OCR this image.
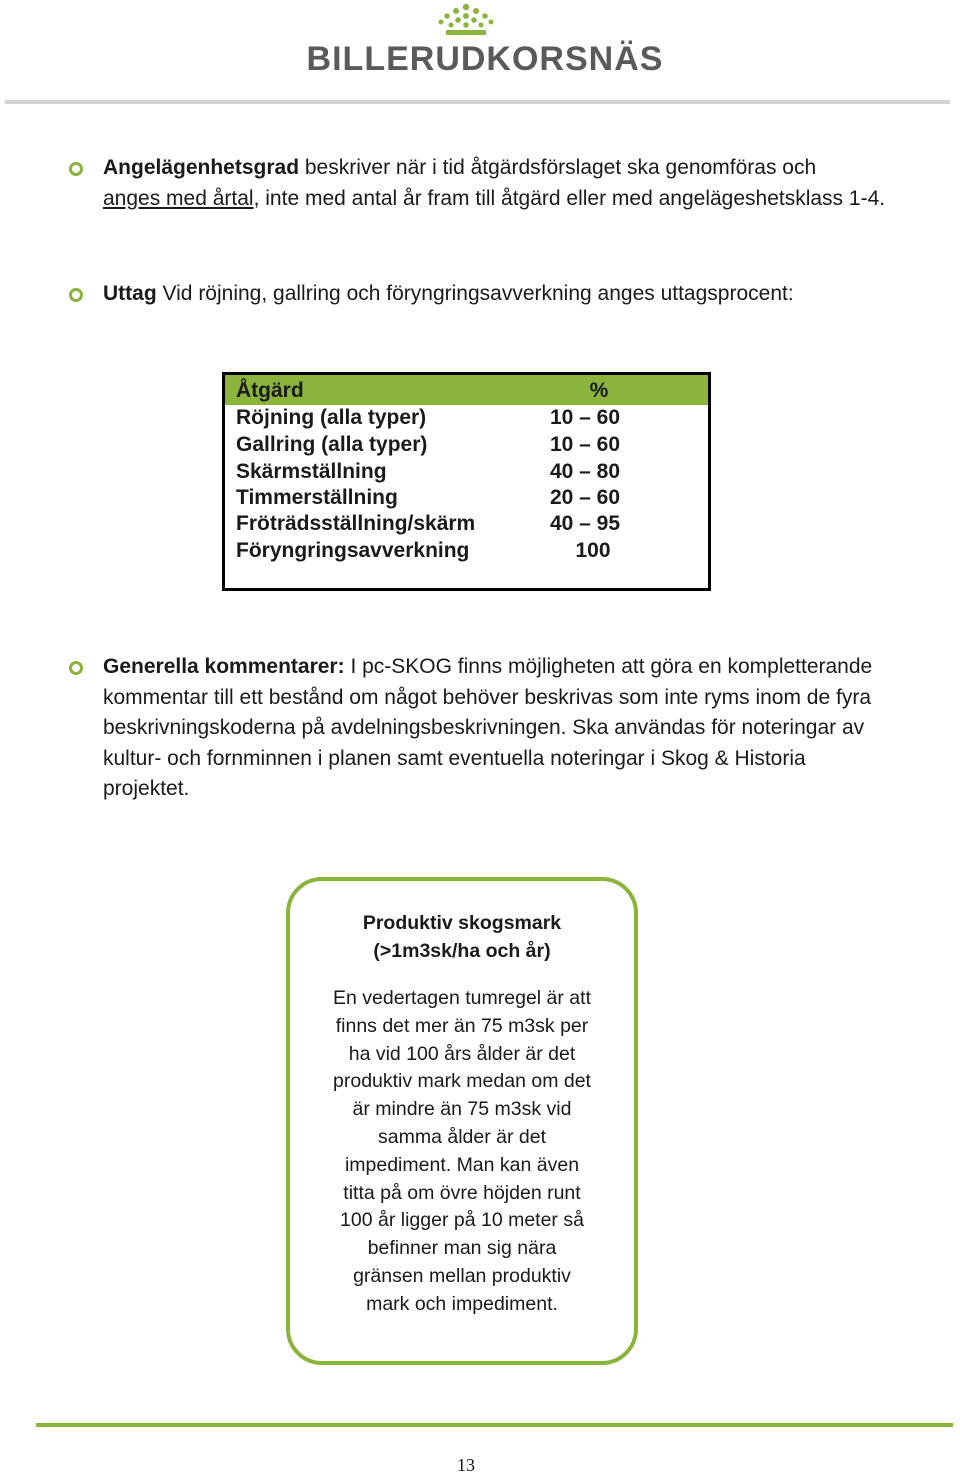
BILLERUDKORSNÄS
Angelägenhetsgrad beskriver när i tid åtgärdsförslaget ska genomföras och
anges med årtal, inte med antal år fram till åtgärd eller med angelägeshetsklass 1-4.
Uttag Vid röjning, gallring och föryngringsavverkning anges uttagsprocent:
Åtgärd	%
Röjning (alla typer)	10 – 60
Gallring (alla typer)	10 – 60
Skärmställning	40 – 80
Timmerställning	20 – 60
Fröträdsställning/skärm	40 – 95
Föryngringsavverkning	100
Generella kommentarer: I pc-SKOG finns möjligheten att göra en kompletterande kommentar till ett bestånd om något behöver beskrivas som inte ryms inom de fyra beskrivningskoderna på avdelningsbeskrivningen. Ska användas för noteringar av kultur- och fornminnen i planen samt eventuella noteringar i Skog & Historia projektet.
Produktiv skogsmark
(>1m3sk/ha och år)
En vedertagen tumregel är att
finns det mer än 75 m3sk per
ha vid 100 års ålder är det
produktiv mark medan om det
är mindre än 75 m3sk vid
samma ålder är det
impediment. Man kan även
titta på om övre höjden runt
100 år ligger på 10 meter så
befinner man sig nära
gränsen mellan produktiv
mark och impediment.
13
